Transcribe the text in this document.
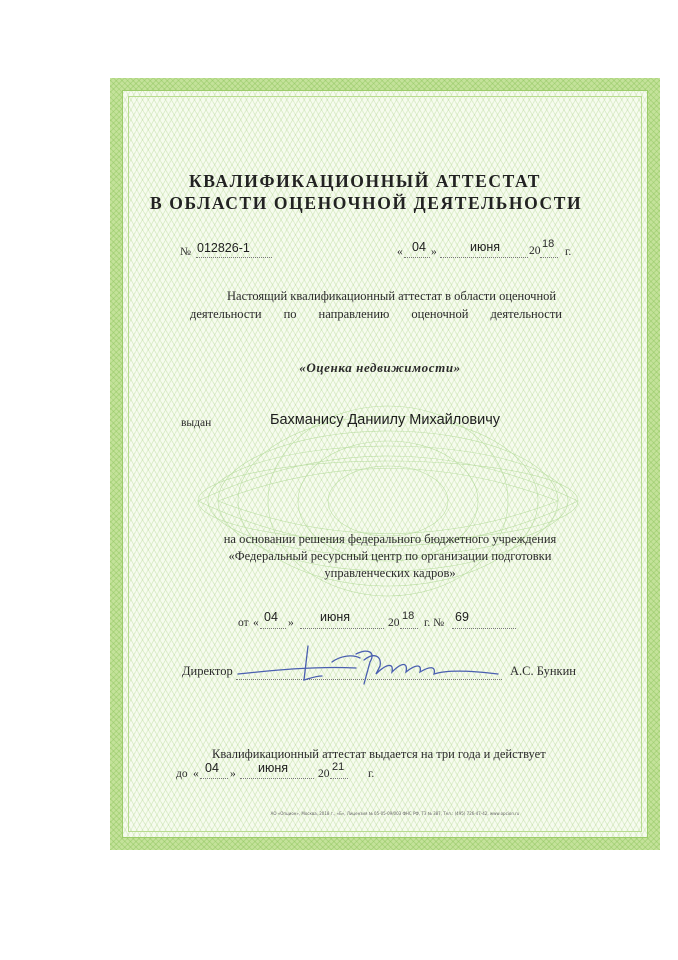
КВАЛИФИКАЦИОННЫЙ АТТЕСТАТ
В ОБЛАСТИ ОЦЕНОЧНОЙ ДЕЯТЕЛЬНОСТИ
№ 012826-1	« 04 »	июня	20
18
г.
Настоящий квалификационный аттестат в области оценочной
деятельности по направлению оценочной деятельности
«Оценка недвижимости»
выдан	Бахманису Даниилу Михайловичу
на основании решения федерального бюджетного учреждения
«Федеральный ресурсный центр по организации подготовки
управленческих кадров»
от « 04 » июня	20
18
г. № 69
Директор	А.С. Бункин
Квалификационный аттестат выдается на три года и действует
до « 04 » июня	20
21
г.
АО «Опцион», Москва, 2018 г., «Б», Лицензия № 05-05-09/003 ФНС РФ, ТЗ № 387, Тел.: (495) 726-47-42, www.opcion.ru
